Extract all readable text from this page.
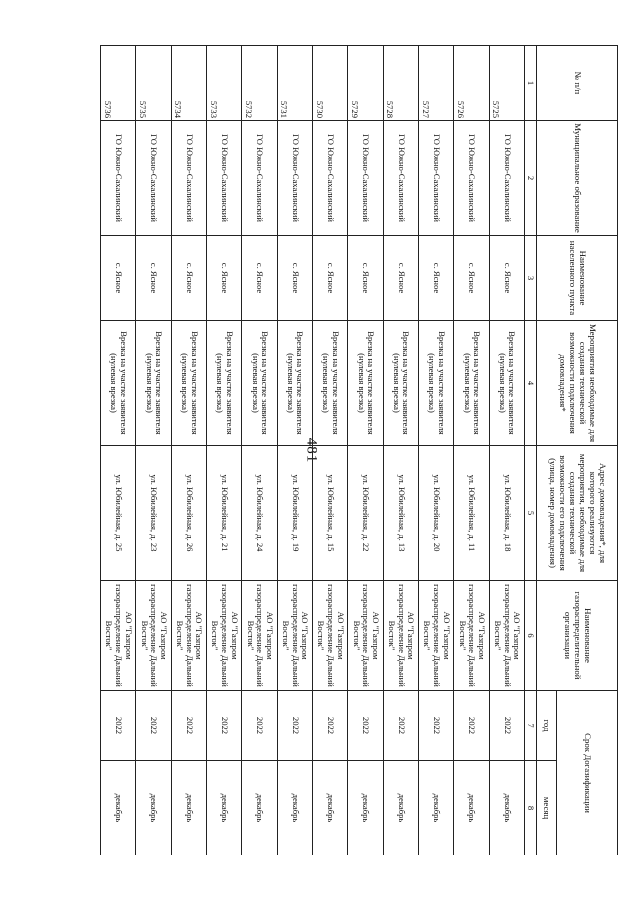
481
№ п/п	Муниципальное образование	Наименование населенного пункта	Мероприятия необходимые для создания технической возможности подключения домовладения*	Адрес домовладения*, для которого реализуются мероприятия, необходимые для создания технической возможности его подключения (улица, номер домовладения)	Наименование газораспределительной организации	Срок Догазификации	
						год	месяц
1	2	3	4	5	6	7	8
5725	ГО Южно-Сахалинский	с. Ясное	Врезка на участке заявителя (нулевая врезка)	ул. Юбилейная, д. 18	АО "Газпром газораспределение Дальний Восток"	2022	декабрь
5726	ГО Южно-Сахалинский	с. Ясное	Врезка на участке заявителя (нулевая врезка)	ул. Юбилейная, д. 11	АО "Газпром газораспределение Дальний Восток"	2022	декабрь
5727	ГО Южно-Сахалинский	с. Ясное	Врезка на участке заявителя (нулевая врезка)	ул. Юбилейная, д. 20	АО "Газпром газораспределение Дальний Восток"	2022	декабрь
5728	ГО Южно-Сахалинский	с. Ясное	Врезка на участке заявителя (нулевая врезка)	ул. Юбилейная, д. 13	АО "Газпром газораспределение Дальний Восток"	2022	декабрь
5729	ГО Южно-Сахалинский	с. Ясное	Врезка на участке заявителя (нулевая врезка)	ул. Юбилейная, д. 22	АО "Газпром газораспределение Дальний Восток"	2022	декабрь
5730	ГО Южно-Сахалинский	с. Ясное	Врезка на участке заявителя (нулевая врезка)	ул. Юбилейная, д. 15	АО "Газпром газораспределение Дальний Восток"	2022	декабрь
5731	ГО Южно-Сахалинский	с. Ясное	Врезка на участке заявителя (нулевая врезка)	ул. Юбилейная, д. 19	АО "Газпром газораспределение Дальний Восток"	2022	декабрь
5732	ГО Южно-Сахалинский	с. Ясное	Врезка на участке заявителя (нулевая врезка)	ул. Юбилейная, д. 24	АО "Газпром газораспределение Дальний Восток"	2022	декабрь
5733	ГО Южно-Сахалинский	с. Ясное	Врезка на участке заявителя (нулевая врезка)	ул. Юбилейная, д. 21	АО "Газпром газораспределение Дальний Восток"	2022	декабрь
5734	ГО Южно-Сахалинский	с. Ясное	Врезка на участке заявителя (нулевая врезка)	ул. Юбилейная, д. 26	АО "Газпром газораспределение Дальний Восток"	2022	декабрь
5735	ГО Южно-Сахалинский	с. Ясное	Врезка на участке заявителя (нулевая врезка)	ул. Юбилейная, д. 23	АО "Газпром газораспределение Дальний Восток"	2022	декабрь
5736	ГО Южно-Сахалинский	с. Ясное	Врезка на участке заявителя (нулевая врезка)	ул. Юбилейная, д. 25	АО "Газпром газораспределение Дальний Восток"	2022	декабрь
